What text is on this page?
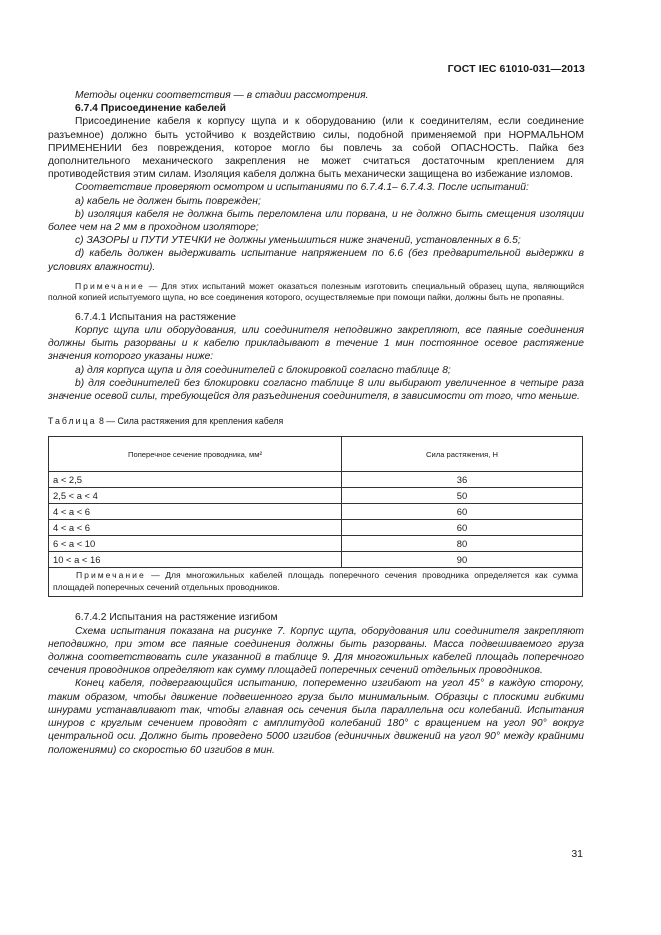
ГОСТ IEC 61010-031—2013

Методы оценки соответствия — в стадии рассмотрения.

6.7.4 Присоединение кабелей

Присоединение кабеля к корпусу щупа и к оборудованию (или к соединителям, если соединение разъемное) должно быть устойчиво к воздействию силы, подобной применяемой при НОРМАЛЬНОМ ПРИМЕНЕНИИ без повреждения, которое могло бы повлечь за собой ОПАСНОСТЬ. Пайка без дополнительного механического закрепления не может считаться достаточным креплением для противодействия этим силам. Изоляция кабеля должна быть механически защищена во избежание изломов.

Соответствие проверяют осмотром и испытаниями по 6.7.4.1– 6.7.4.3. После испытаний:

a) кабель не должен быть поврежден;

b) изоляция кабеля не должна быть переломлена или порвана, и не должно быть смещения изоляции более чем на 2 мм в проходном изоляторе;

c) ЗАЗОРЫ и ПУТИ УТЕЧКИ не должны уменьшиться ниже значений, установленных в 6.5;

d) кабель должен выдерживать испытание напряжением по 6.6 (без предварительной выдержки в условиях влажности).

Примечание — Для этих испытаний может оказаться полезным изготовить специальный образец щупа, являющийся полной копией испытуемого щупа, но все соединения которого, осуществляемые при помощи пайки, должны быть не пропаяны.

6.7.4.1 Испытания на растяжение

Корпус щупа или оборудования, или соединителя неподвижно закрепляют, все паяные соединения должны быть разорваны и к кабелю прикладывают в течение 1 мин постоянное осевое растяжение значения которого указаны ниже:

a) для корпуса щупа и для соединителей с блокировкой согласно таблице 8;

b) для соединителей без блокировки согласно таблице 8 или выбирают увеличенное в четыре раза значение осевой силы, требующейся для разъединения соединителя, в зависимости от того, что меньше.

Таблица 8 — Сила растяжения для крепления кабеля
Поперечное сечение проводника, мм²	Сила растяжения, Н
a < 2,5	36
2,5 < a < 4	50
4 < a < 6	60
4 < a < 6	60
6 < a < 10	80
10 < a < 16	90
Примечание — Для многожильных кабелей площадь поперечного сечения проводника определяется как сумма площадей поперечных сечений отдельных проводников.	

6.7.4.2 Испытания на растяжение изгибом

Схема испытания показана на рисунке 7. Корпус щупа, оборудования или соединителя закрепляют неподвижно, при этом все паяные соединения должны быть разорваны. Масса подвешиваемого груза должна соответствовать силе указанной в таблице 9. Для многожильных кабелей площадь поперечного сечения проводников определяют как сумму площадей поперечных сечений отдельных проводников.

Конец кабеля, подвергающийся испытанию, попеременно изгибают на угол 45° в каждую сторону, таким образом, чтобы движение подвешенного груза было минимальным. Образцы с плоскими гибкими шнурами устанавливают так, чтобы главная ось сечения была параллельна оси колебаний. Испытания шнуров с круглым сечением проводят с амплитудой колебаний 180° с вращением на угол 90° вокруг центральной оси. Должно быть проведено 5000 изгибов (единичных движений на угол 90° между крайними положениями) со скоростью 60 изгибов в мин.

31
